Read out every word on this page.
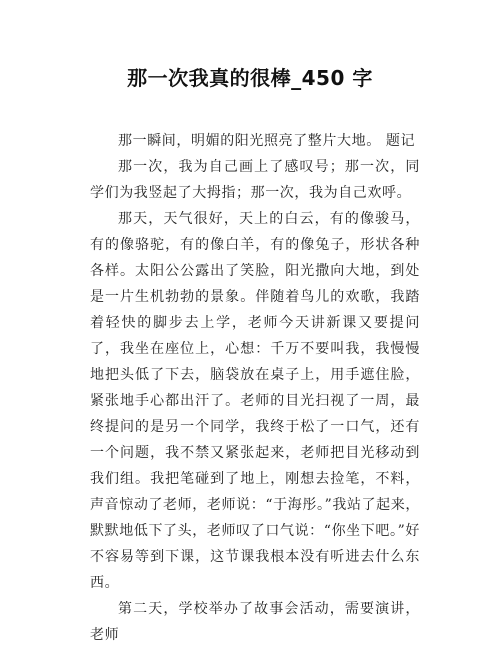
那一次我真的很棒_450 字

那一瞬间，明媚的阳光照亮了整片大地。 题记

那一次，我为自己画上了感叹号；那一次，同学们为我竖起了大拇指；那一次，我为自己欢呼。

那天，天气很好，天上的白云，有的像骏马，有的像骆驼，有的像白羊，有的像兔子，形状各种各样。太阳公公露出了笑脸，阳光撒向大地，到处是一片生机勃勃的景象。伴随着鸟儿的欢歌，我踏着轻快的脚步去上学，老师今天讲新课又要提问了，我坐在座位上，心想：千万不要叫我，我慢慢地把头低了下去，脑袋放在桌子上，用手遮住脸，紧张地手心都出汗了。老师的目光扫视了一周，最终提问的是另一个同学，我终于松了一口气，还有一个问题，我不禁又紧张起来，老师把目光移动到我们组。我把笔碰到了地上，刚想去捡笔，不料，声音惊动了老师，老师说：“于海彤。”我站了起来，默默地低下了头，老师叹了口气说：“你坐下吧。”好不容易等到下课，这节课我根本没有听进去什么东西。

第二天，学校举办了故事会活动，需要演讲，老师
